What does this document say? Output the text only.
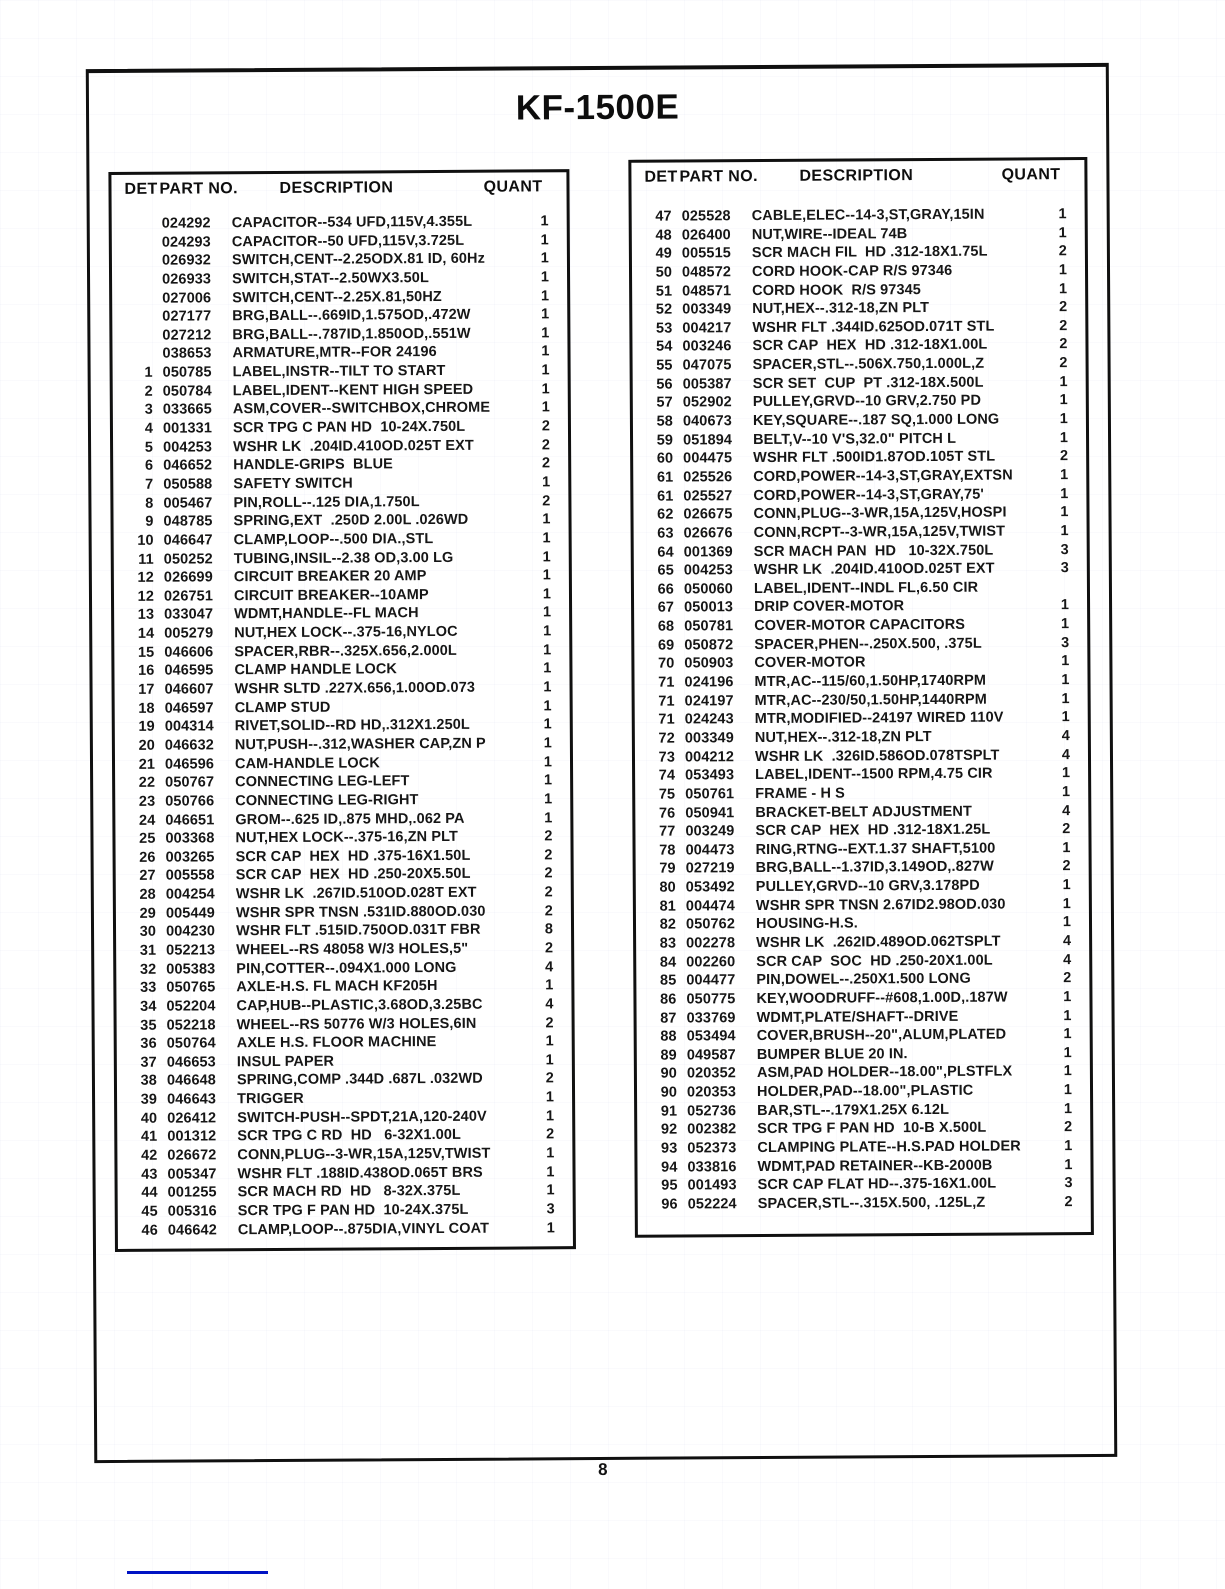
KF-1500E
DET PART NO.	DESCRIPTION	QUANT
024292	CAPACITOR--534 UFD,115V,4.355L	1
024293	CAPACITOR--50 UFD,115V,3.725L	1
026932	SWITCH,CENT--2.25ODX.81 ID, 60Hz	1
026933	SWITCH,STAT--2.50WX3.50L	1
027006	SWITCH,CENT--2.25X.81,50HZ	1
027177	BRG,BALL--.669ID,1.575OD,.472W	1
027212	BRG,BALL--.787ID,1.850OD,.551W	1
038653	ARMATURE,MTR--FOR 24196	1
1 050785	LABEL,INSTR--TILT TO START	1
2 050784	LABEL,IDENT--KENT HIGH SPEED	1
3 033665	ASM,COVER--SWITCHBOX,CHROME	1
4 001331	SCR TPG C PAN HD  10-24X.750L	2
5 004253	WSHR LK  .204ID.410OD.025T EXT	2
6 046652	HANDLE-GRIPS  BLUE	2
7 050588	SAFETY SWITCH	1
8 005467	PIN,ROLL--.125 DIA,1.750L	2
9 048785	SPRING,EXT  .250D 2.00L .026WD	1
10 046647	CLAMP,LOOP--.500 DIA.,STL	1
11 050252	TUBING,INSIL--2.38 OD,3.00 LG	1
12 026699	CIRCUIT BREAKER 20 AMP	1
12 026751	CIRCUIT BREAKER--10AMP	1
13 033047	WDMT,HANDLE--FL MACH	1
14 005279	NUT,HEX LOCK--.375-16,NYLOC	1
15 046606	SPACER,RBR--.325X.656,2.000L	1
16 046595	CLAMP HANDLE LOCK	1
17 046607	WSHR SLTD .227X.656,1.00OD.073	1
18 046597	CLAMP STUD	1
19 004314	RIVET,SOLID--RD HD,.312X1.250L	1
20 046632	NUT,PUSH--.312,WASHER CAP,ZN P	1
21 046596	CAM-HANDLE LOCK	1
22 050767	CONNECTING LEG-LEFT	1
23 050766	CONNECTING LEG-RIGHT	1
24 046651	GROM--.625 ID,.875 MHD,.062 PA	1
25 003368	NUT,HEX LOCK--.375-16,ZN PLT	2
26 003265	SCR CAP  HEX  HD .375-16X1.50L	2
27 005558	SCR CAP  HEX  HD .250-20X5.50L	2
28 004254	WSHR LK  .267ID.510OD.028T EXT	2
29 005449	WSHR SPR TNSN .531ID.880OD.030	2
30 004230	WSHR FLT .515ID.750OD.031T FBR	8
31 052213	WHEEL--RS 48058 W/3 HOLES,5"	2
32 005383	PIN,COTTER--.094X1.000 LONG	4
33 050765	AXLE-H.S. FL MACH KF205H	1
34 052204	CAP,HUB--PLASTIC,3.68OD,3.25BC	4
35 052218	WHEEL--RS 50776 W/3 HOLES,6IN	2
36 050764	AXLE H.S. FLOOR MACHINE	1
37 046653	INSUL PAPER	1
38 046648	SPRING,COMP .344D .687L .032WD	2
39 046643	TRIGGER	1
40 026412	SWITCH-PUSH--SPDT,21A,120-240V	1
41 001312	SCR TPG C RD  HD   6-32X1.00L	2
42 026672	CONN,PLUG--3-WR,15A,125V,TWIST	1
43 005347	WSHR FLT .188ID.438OD.065T BRS	1
44 001255	SCR MACH RD  HD   8-32X.375L	1
45 005316	SCR TPG F PAN HD  10-24X.375L	3
46 046642	CLAMP,LOOP--.875DIA,VINYL COAT	1
DET PART NO.	DESCRIPTION	QUANT
47 025528	CABLE,ELEC--14-3,ST,GRAY,15IN	1
48 026400	NUT,WIRE--IDEAL 74B	1
49 005515	SCR MACH FIL  HD .312-18X1.75L	2
50 048572	CORD HOOK-CAP R/S 97346	1
51 048571	CORD HOOK  R/S 97345	1
52 003349	NUT,HEX--.312-18,ZN PLT	2
53 004217	WSHR FLT .344ID.625OD.071T STL	2
54 003246	SCR CAP  HEX  HD .312-18X1.00L	2
55 047075	SPACER,STL--.506X.750,1.000L,Z	2
56 005387	SCR SET  CUP  PT .312-18X.500L	1
57 052902	PULLEY,GRVD--10 GRV,2.750 PD	1
58 040673	KEY,SQUARE--.187 SQ,1.000 LONG	1
59 051894	BELT,V--10 V'S,32.0" PITCH L	1
60 004475	WSHR FLT .500ID1.87OD.105T STL	2
61 025526	CORD,POWER--14-3,ST,GRAY,EXTSN	1
61 025527	CORD,POWER--14-3,ST,GRAY,75'	1
62 026675	CONN,PLUG--3-WR,15A,125V,HOSPI	1
63 026676	CONN,RCPT--3-WR,15A,125V,TWIST	1
64 001369	SCR MACH PAN  HD   10-32X.750L	3
65 004253	WSHR LK  .204ID.410OD.025T EXT	3
66 050060	LABEL,IDENT--INDL FL,6.50 CIR
67 050013	DRIP COVER-MOTOR	1
68 050781	COVER-MOTOR CAPACITORS	1
69 050872	SPACER,PHEN--.250X.500, .375L	3
70 050903	COVER-MOTOR	1
71 024196	MTR,AC--115/60,1.50HP,1740RPM	1
71 024197	MTR,AC--230/50,1.50HP,1440RPM	1
71 024243	MTR,MODIFIED--24197 WIRED 110V	1
72 003349	NUT,HEX--.312-18,ZN PLT	4
73 004212	WSHR LK  .326ID.586OD.078TSPLT	4
74 053493	LABEL,IDENT--1500 RPM,4.75 CIR	1
75 050761	FRAME - H S	1
76 050941	BRACKET-BELT ADJUSTMENT	4
77 003249	SCR CAP  HEX  HD .312-18X1.25L	2
78 004473	RING,RTNG--EXT.1.37 SHAFT,5100	1
79 027219	BRG,BALL--1.37ID,3.149OD,.827W	2
80 053492	PULLEY,GRVD--10 GRV,3.178PD	1
81 004474	WSHR SPR TNSN 2.67ID2.98OD.030	1
82 050762	HOUSING-H.S.	1
83 002278	WSHR LK  .262ID.489OD.062TSPLT	4
84 002260	SCR CAP  SOC  HD .250-20X1.00L	4
85 004477	PIN,DOWEL--.250X1.500 LONG	2
86 050775	KEY,WOODRUFF--#608,1.00D,.187W	1
87 033769	WDMT,PLATE/SHAFT--DRIVE	1
88 053494	COVER,BRUSH--20",ALUM,PLATED	1
89 049587	BUMPER BLUE 20 IN.	1
90 020352	ASM,PAD HOLDER--18.00",PLSTFLX	1
90 020353	HOLDER,PAD--18.00",PLASTIC	1
91 052736	BAR,STL--.179X1.25X 6.12L	1
92 002382	SCR TPG F PAN HD  10-B X.500L	2
93 052373	CLAMPING PLATE--H.S.PAD HOLDER	1
94 033816	WDMT,PAD RETAINER--KB-2000B	1
95 001493	SCR CAP FLAT HD--.375-16X1.00L	3
96 052224	SPACER,STL--.315X.500, .125L,Z	2
8
